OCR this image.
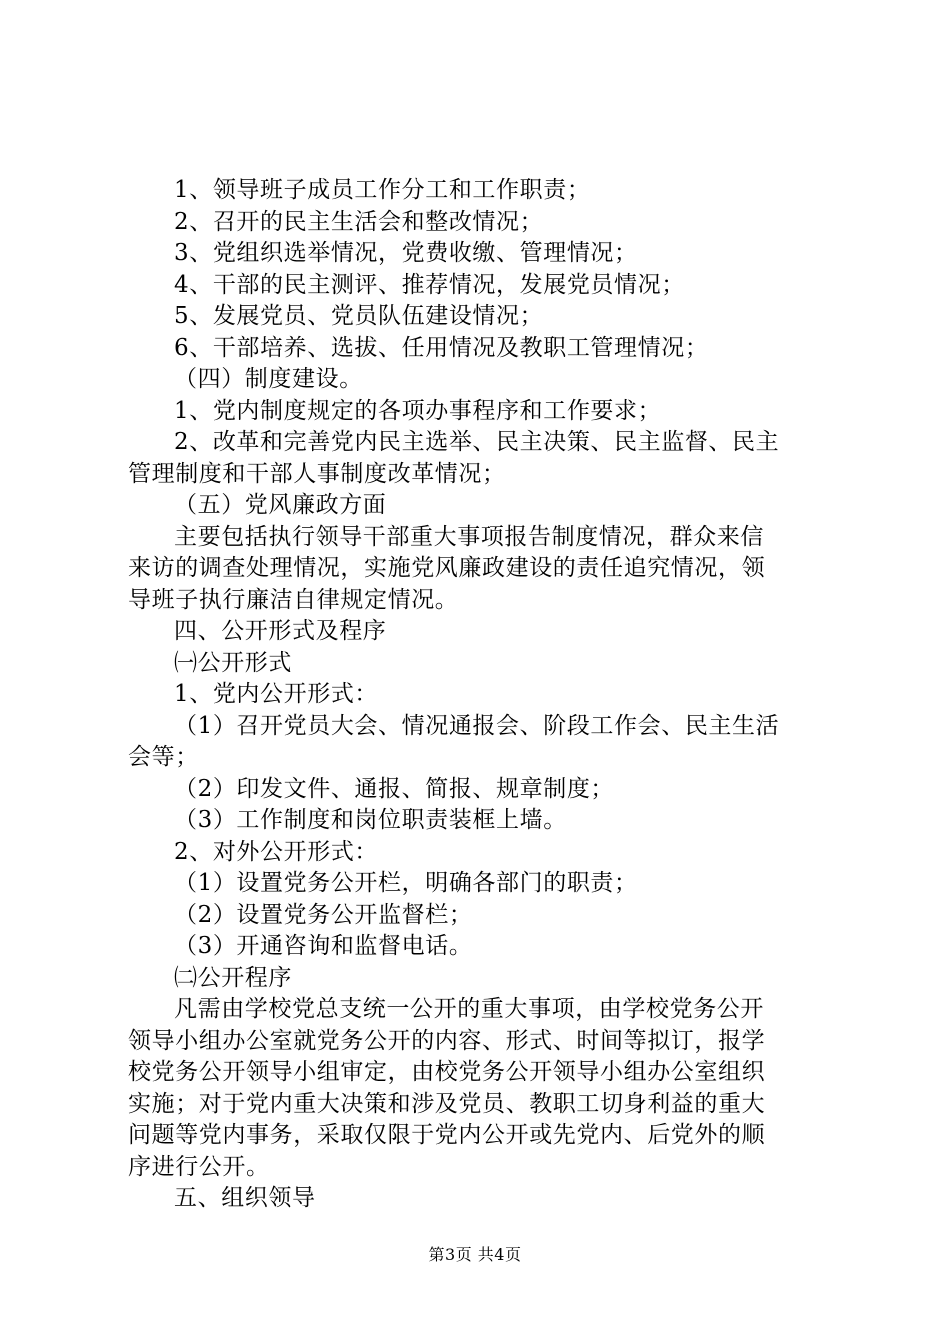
1、领导班子成员工作分工和工作职责；
2、召开的民主生活会和整改情况；
3、党组织选举情况，党费收缴、管理情况；
4、干部的民主测评、推荐情况，发展党员情况；
5、发展党员、党员队伍建设情况；
6、干部培养、选拔、任用情况及教职工管理情况；
（四）制度建设。
1、党内制度规定的各项办事程序和工作要求；
2、改革和完善党内民主选举、民主决策、民主监督、民主
管理制度和干部人事制度改革情况；
（五）党风廉政方面
主要包括执行领导干部重大事项报告制度情况，群众来信
来访的调查处理情况，实施党风廉政建设的责任追究情况，领
导班子执行廉洁自律规定情况。
四、公开形式及程序
㈠公开形式
1、党内公开形式：
（1）召开党员大会、情况通报会、阶段工作会、民主生活
会等；
（2）印发文件、通报、简报、规章制度；
（3）工作制度和岗位职责装框上墙。
2、对外公开形式：
（1）设置党务公开栏，明确各部门的职责；
（2）设置党务公开监督栏；
（3）开通咨询和监督电话。
㈡公开程序
凡需由学校党总支统一公开的重大事项，由学校党务公开
领导小组办公室就党务公开的内容、形式、时间等拟订，报学
校党务公开领导小组审定，由校党务公开领导小组办公室组织
实施；对于党内重大决策和涉及党员、教职工切身利益的重大
问题等党内事务，采取仅限于党内公开或先党内、后党外的顺
序进行公开。
五、组织领导
第3页 共4页
